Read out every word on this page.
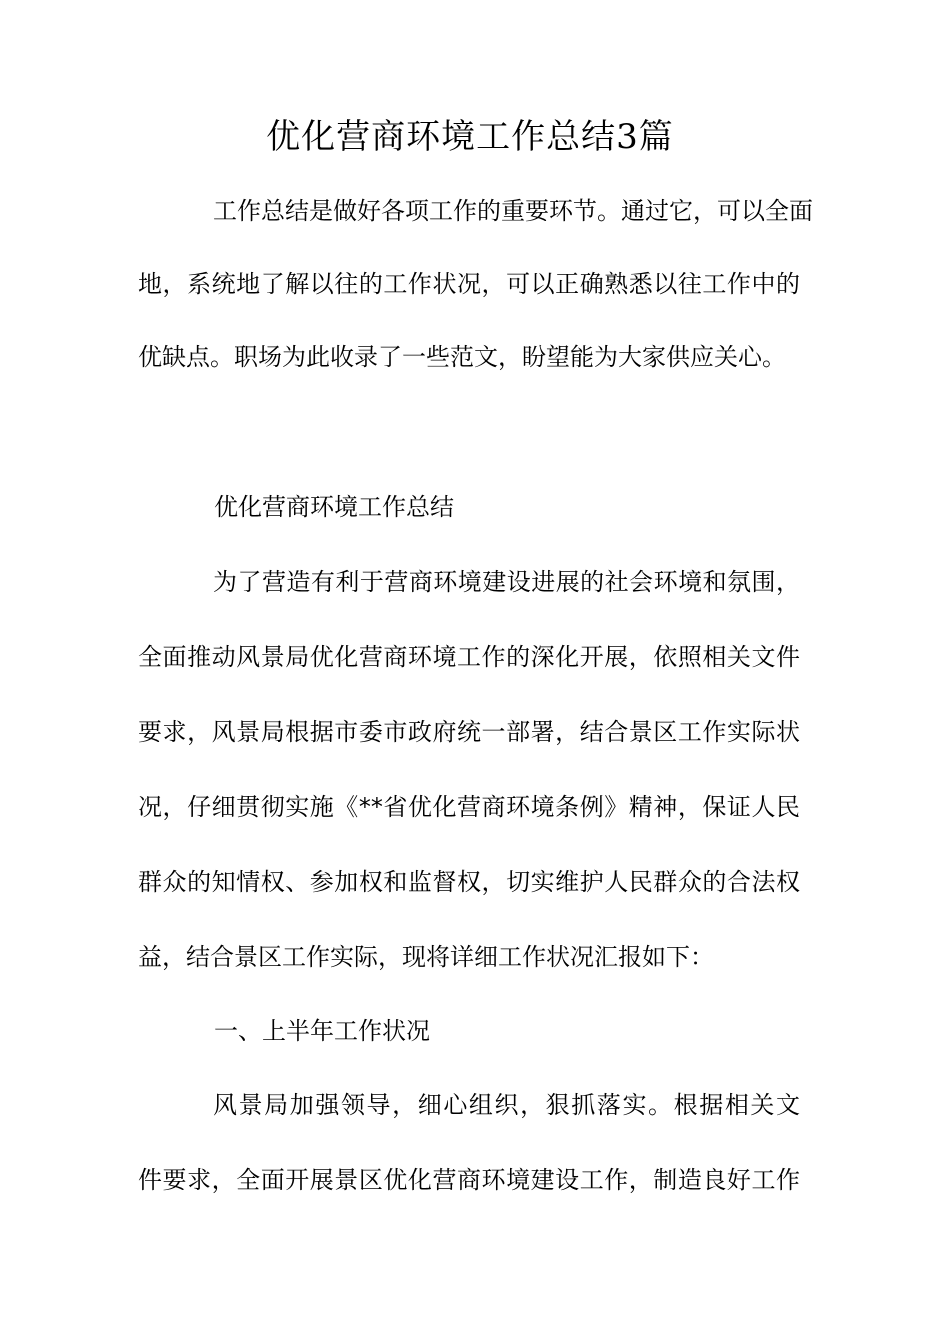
优化营商环境工作总结3篇
工作总结是做好各项工作的重要环节。通过它，可以全面
地，系统地了解以往的工作状况，可以正确熟悉以往工作中的
优缺点。职场为此收录了一些范文，盼望能为大家供应关心。
优化营商环境工作总结
为了营造有利于营商环境建设进展的社会环境和氛围，
全面推动风景局优化营商环境工作的深化开展，依照相关文件
要求，风景局根据市委市政府统一部署，结合景区工作实际状
况，仔细贯彻实施《**省优化营商环境条例》精神，保证人民
群众的知情权、参加权和监督权，切实维护人民群众的合法权
益，结合景区工作实际，现将详细工作状况汇报如下：
一、上半年工作状况
风景局加强领导，细心组织，狠抓落实。根据相关文
件要求，全面开展景区优化营商环境建设工作，制造良好工作
